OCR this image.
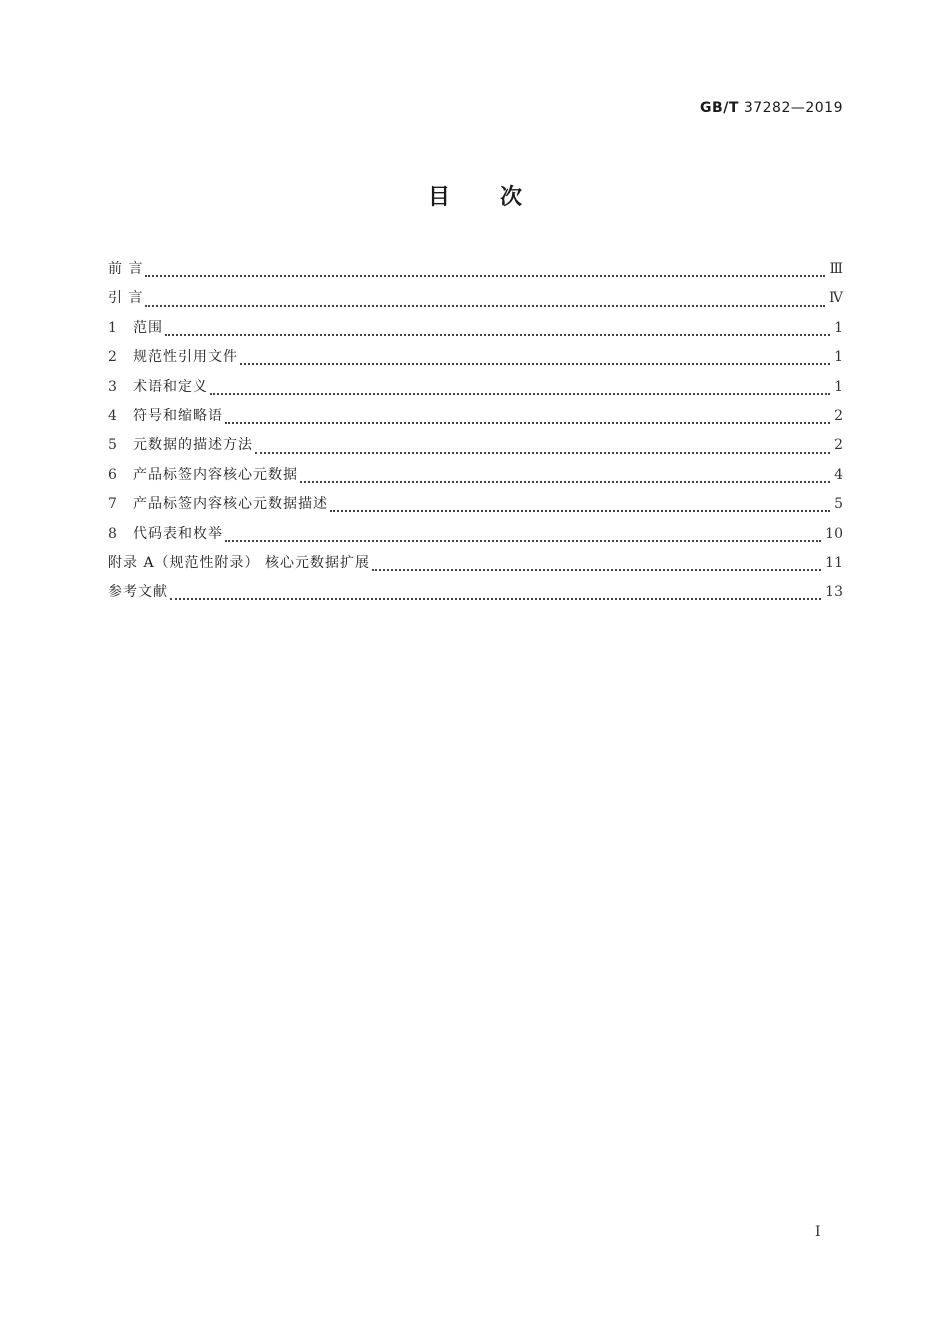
GB/T 37282—2019
目次
前 言	Ⅲ
引 言	Ⅳ
1	范围	1
2	规范性引用文件	1
3	术语和定义	1
4	符号和缩略语	2
5	元数据的描述方法	2
6	产品标签内容核心元数据	4
7	产品标签内容核心元数据描述	5
8	代码表和枚举	10
附录 A（规范性附录） 核心元数据扩展	11
参考文献	13
Ⅰ
